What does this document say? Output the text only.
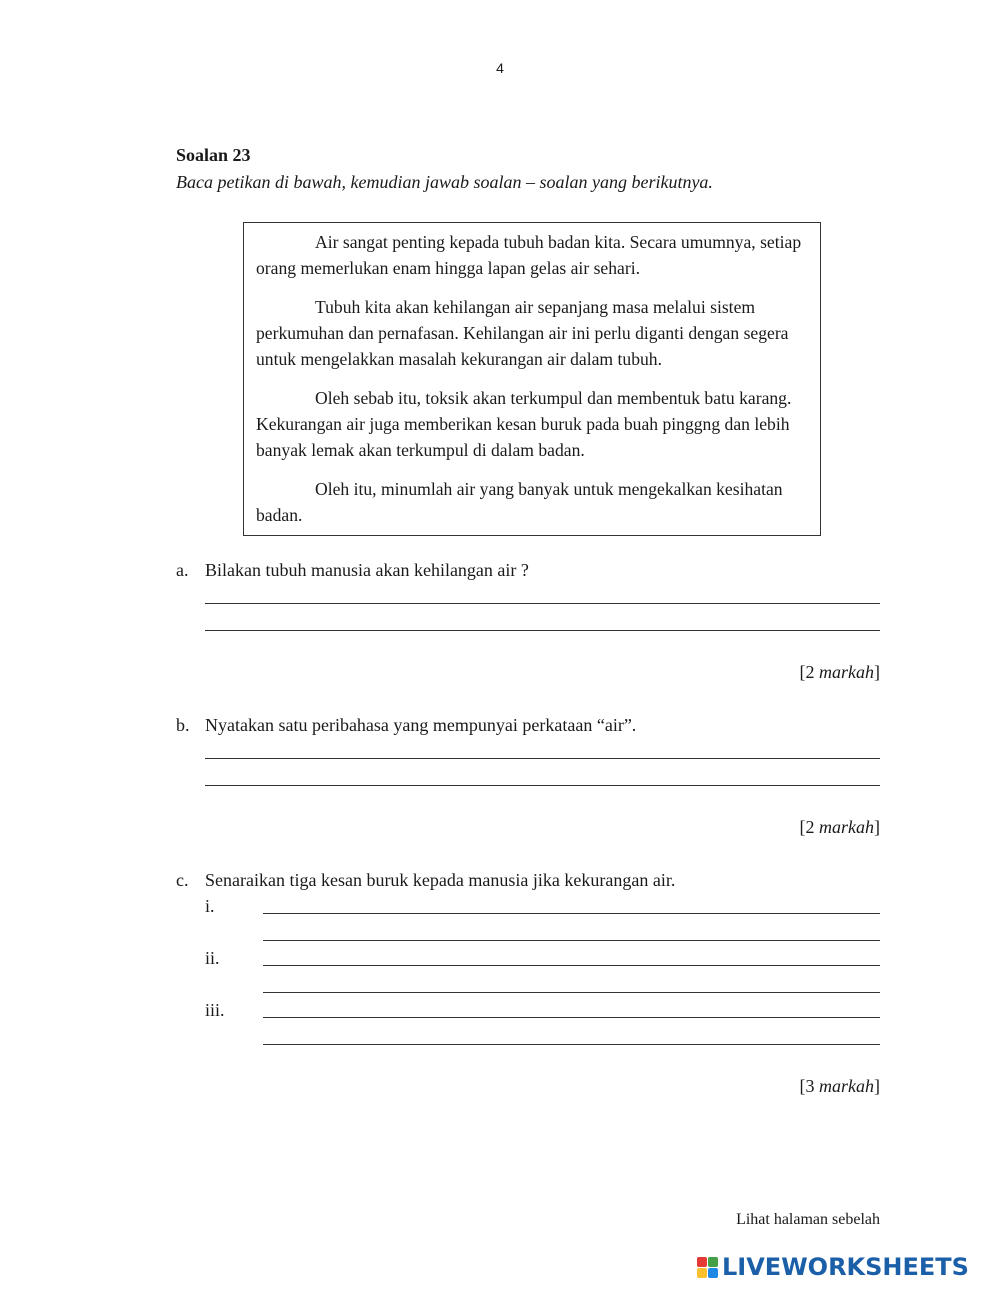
4
Soalan 23
Baca petikan di bawah, kemudian jawab soalan – soalan yang berikutnya.

Air sangat penting kepada tubuh badan kita. Secara umumnya, setiap orang memerlukan enam hingga lapan gelas air sehari.

Tubuh kita akan kehilangan air sepanjang masa melalui sistem perkumuhan dan pernafasan. Kehilangan air ini perlu diganti dengan segera untuk mengelakkan masalah kekurangan air dalam tubuh.

Oleh sebab itu, toksik akan terkumpul dan membentuk batu karang. Kekurangan air juga memberikan kesan buruk pada buah pinggng dan lebih banyak lemak akan terkumpul di dalam badan.

Oleh itu, minumlah air yang banyak untuk mengekalkan kesihatan badan.

a. Bilakan tubuh manusia akan kehilangan air ?
[2 markah]
b. Nyatakan satu peribahasa yang mempunyai perkataan “air”.
[2 markah]
c. Senaraikan tiga kesan buruk kepada manusia jika kekurangan air.
i.
ii.
iii.
[3 markah]
Lihat halaman sebelah
LIVEWORKSHEETS
